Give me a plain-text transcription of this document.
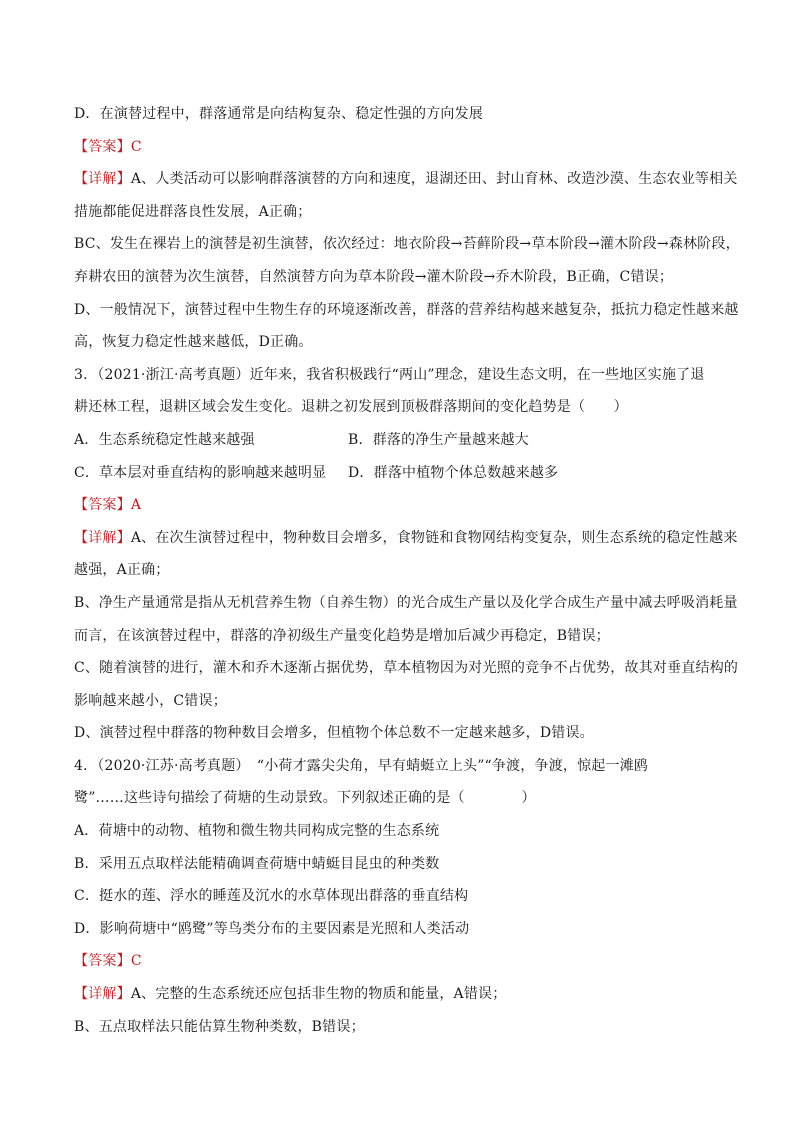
D．在演替过程中，群落通常是向结构复杂、稳定性强的方向发展
【答案】C
【详解】A、人类活动可以影响群落演替的方向和速度，退湖还田、封山育林、改造沙漠、生态农业等相关
措施都能促进群落良性发展，A正确；
BC、发生在裸岩上的演替是初生演替，依次经过：地衣阶段→苔藓阶段→草本阶段→灌木阶段→森林阶段，
弃耕农田的演替为次生演替，自然演替方向为草本阶段→灌木阶段→乔木阶段，B正确，C错误；
D、一般情况下，演替过程中生物生存的环境逐渐改善，群落的营养结构越来越复杂，抵抗力稳定性越来越
高，恢复力稳定性越来越低，D正确。
3．（2021·浙江·高考真题）近年来，我省积极践行“两山”理念，建设生态文明，在一些地区实施了退
耕还林工程，退耕区域会发生变化。退耕之初发展到顶极群落期间的变化趋势是（　　）
A．生态系统稳定性越来越强	B．群落的净生产量越来越大
C．草本层对垂直结构的影响越来越明显	D．群落中植物个体总数越来越多
【答案】A
【详解】A、在次生演替过程中，物种数目会增多，食物链和食物网结构变复杂，则生态系统的稳定性越来
越强，A正确；
B、净生产量通常是指从无机营养生物（自养生物）的光合成生产量以及化学合成生产量中减去呼吸消耗量
而言，在该演替过程中，群落的净初级生产量变化趋势是增加后减少再稳定，B错误；
C、随着演替的进行，灌木和乔木逐渐占据优势，草本植物因为对光照的竞争不占优势，故其对垂直结构的
影响越来越小，C错误；
D、演替过程中群落的物种数目会增多，但植物个体总数不一定越来越多，D错误。
4．（2020·江苏·高考真题）　“小荷才露尖尖角，早有蜻蜓立上头”“争渡，争渡，惊起一滩鸥
鹭”……这些诗句描绘了荷塘的生动景致。下列叙述正确的是（　　　　）
A．荷塘中的动物、植物和微生物共同构成完整的生态系统
B．采用五点取样法能精确调查荷塘中蜻蜓目昆虫的种类数
C．挺水的莲、浮水的睡莲及沉水的水草体现出群落的垂直结构
D．影响荷塘中“鸥鹭”等鸟类分布的主要因素是光照和人类活动
【答案】C
【详解】A、完整的生态系统还应包括非生物的物质和能量，A错误；
B、五点取样法只能估算生物种类数，B错误；
